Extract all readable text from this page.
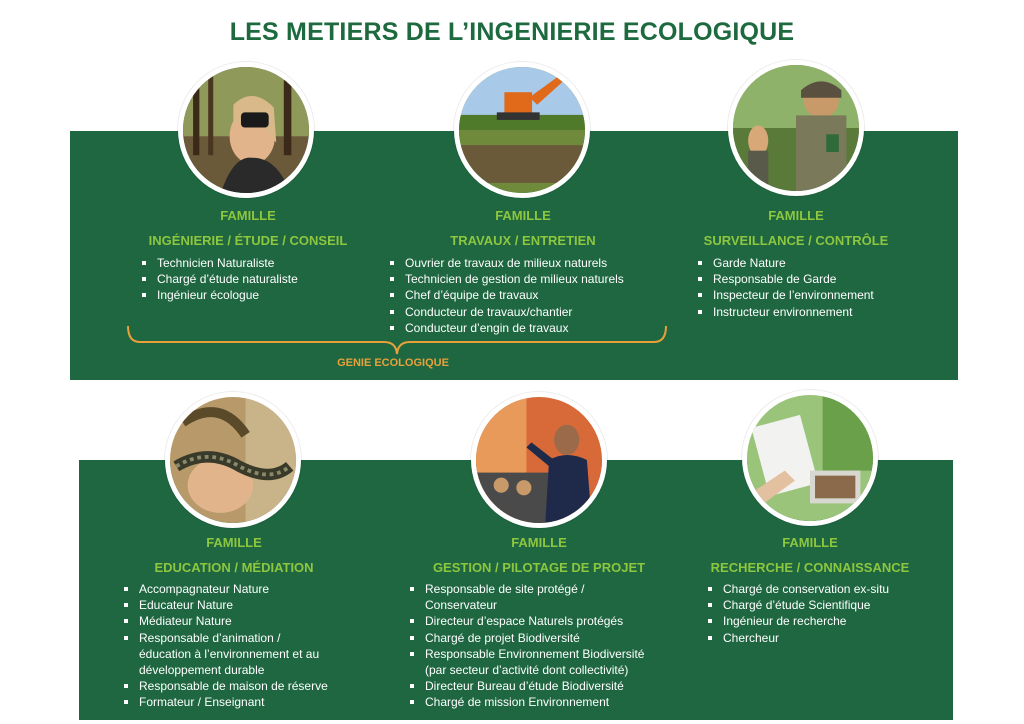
LES METIERS DE L’INGENIERIE ECOLOGIQUE
FAMILLE
INGÉNIERIE / ÉTUDE / CONSEIL
Technicien Naturaliste
Chargé d’étude naturaliste
Ingénieur écologue
FAMILLE
TRAVAUX / ENTRETIEN
Ouvrier de travaux de milieux naturels
Technicien de gestion de milieux naturels
Chef d’équipe de travaux
Conducteur de travaux/chantier
Conducteur d’engin de travaux
FAMILLE
SURVEILLANCE / CONTRÔLE
Garde Nature
Responsable de Garde
Inspecteur de l’environnement
Instructeur environnement
GENIE ECOLOGIQUE
FAMILLE
EDUCATION / MÉDIATION
Accompagnateur Nature
Educateur Nature
Médiateur Nature
Responsable d’animation /
éducation à l’environnement et au
développement durable
Responsable de maison de réserve
Formateur / Enseignant
FAMILLE
GESTION / PILOTAGE DE PROJET
Responsable de site protégé /
Conservateur
Directeur d’espace Naturels protégés
Chargé de projet Biodiversité
Responsable Environnement Biodiversité
(par secteur d’activité dont collectivité)
Directeur Bureau d’étude Biodiversité
Chargé de mission Environnement
FAMILLE
RECHERCHE / CONNAISSANCE
Chargé de conservation ex-situ
Chargé d’étude Scientifique
Ingénieur de recherche
Chercheur
